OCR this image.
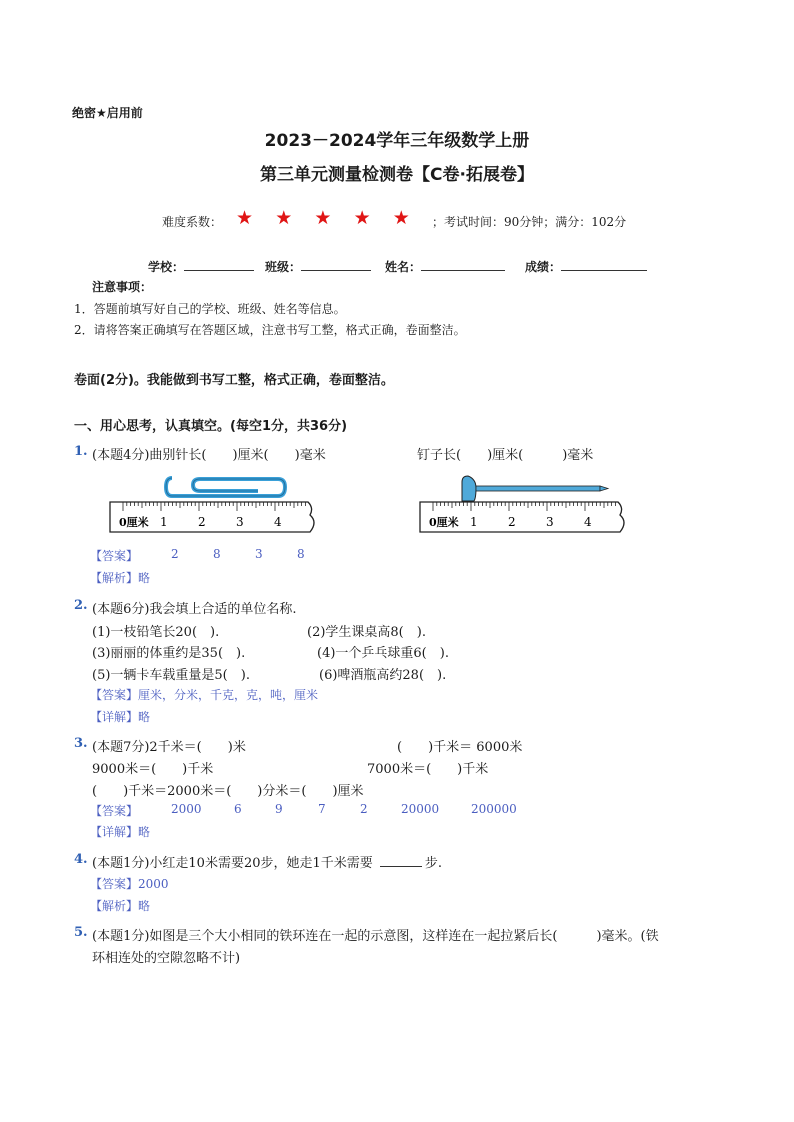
绝密★启用前
2023－2024学年三年级数学上册
第三单元测量检测卷【C卷·拓展卷】
难度系数： ★ ★ ★ ★ ★ ；考试时间：90分钟；满分：102分
学校：	班级：	姓名：	成绩：
注意事项：
1．答题前填写好自己的学校、班级、姓名等信息。
2．请将答案正确填写在答题区域，注意书写工整，格式正确，卷面整洁。
卷面(2分)。我能做到书写工整，格式正确，卷面整洁。
一、用心思考，认真填空。(每空1分，共36分)
1. (本题4分)曲别针长(　　)厘米(　　)毫米	钉子长(　　)厘米(　　　)毫米
0厘米 1	2	3	4	0厘米 1	2	3	4
【答案】	2	8	3	8
【解析】略
2. (本题6分)我会填上合适的单位名称.
(1)一枝铅笔长20(　).	(2)学生课桌高8(　).
(3)丽丽的体重约是35(　).	(4)一个乒乓球重6(　).
(5)一辆卡车载重量是5(　).	(6)啤酒瓶高约28(　).
【答案】厘米，分米，千克，克，吨，厘米
【详解】略
3. (本题7分)2千米＝(　　)米	(　　)千米＝ 6000米
9000米＝(　　)千米	7000米＝(　　)千米
(　　)千米＝2000米＝(　　)分米＝(　　)厘米
【答案】	2000	6	9	7	2	20000	200000
【详解】略
4. (本题1分)小红走10米需要20步，她走1千米需要	步.
【答案】2000
【解析】略
5. (本题1分)如图是三个大小相同的铁环连在一起的示意图，这样连在一起拉紧后长(　　　)毫米。(铁
环相连处的空隙忽略不计)
